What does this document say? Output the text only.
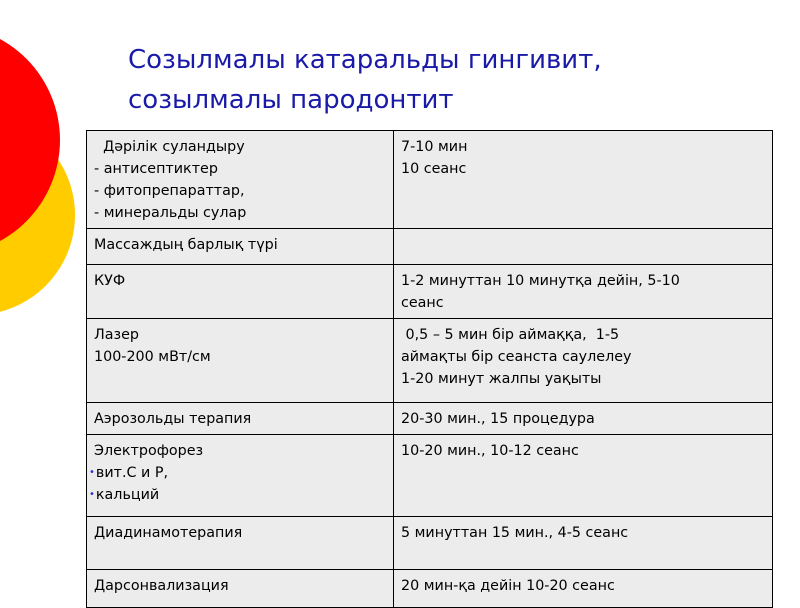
Созылмалы катаральды гингивит,
созылмалы пародонтит
Дәрілік суландыру
- антисептиктер
- фитопрепараттар,
- минеральды сулар	7-10 мин
10 сеанс

Массаждың барлық түрі	

КУФ	1-2 минуттан 10 минутқа дейін, 5-10
сеанс

Лазер
100-200 мВт/см	0,5 – 5 мин бір аймаққа,  1-5
аймақты бір сеанста саулелеу
1-20 минут жалпы уақыты

Аэрозольды терапия	20-30 мин., 15 процедура

Электрофорез
•вит.С и Р,
•кальций	10-20 мин., 10-12 сеанс

Диадинамотерапия	5 минуттан 15 мин., 4-5 сеанс

Дарсонвализация	20 мин-қа дейін 10-20 сеанс
